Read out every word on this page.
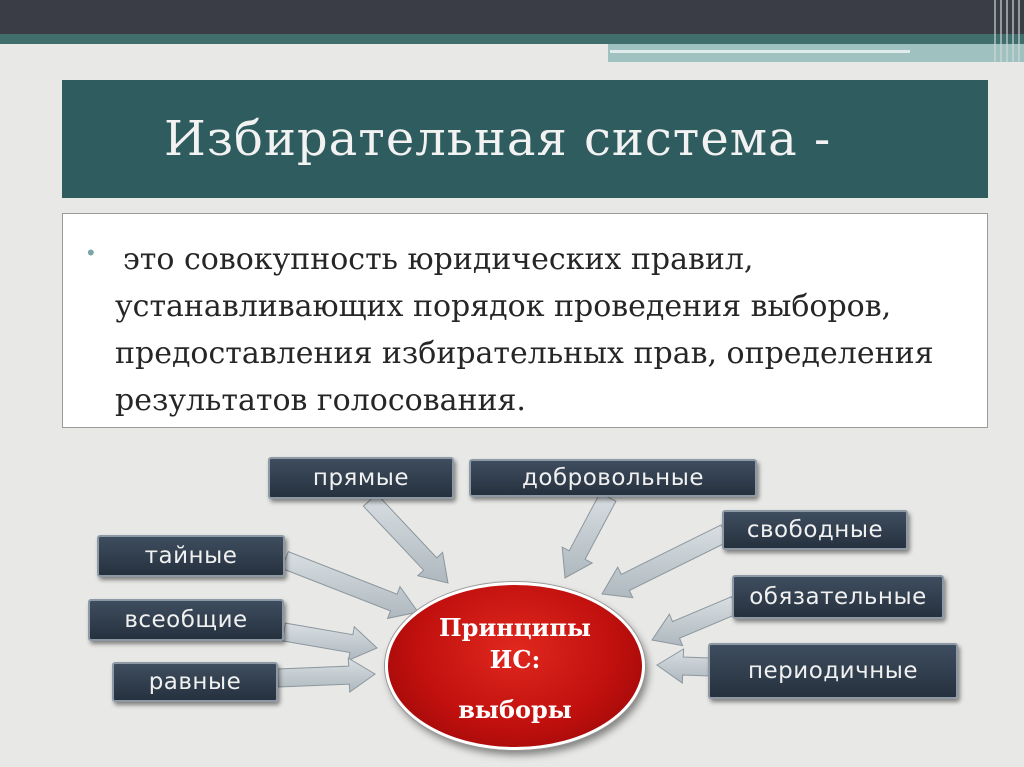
Избирательная система -
• это совокупность юридических правил, устанавливающих порядок проведения выборов, предоставления избирательных прав, определения результатов голосования.
прямые	добровольные
свободные
тайные
обязательные
всеобщие
равные	периодичные
Принципы
ИС:
выборы
